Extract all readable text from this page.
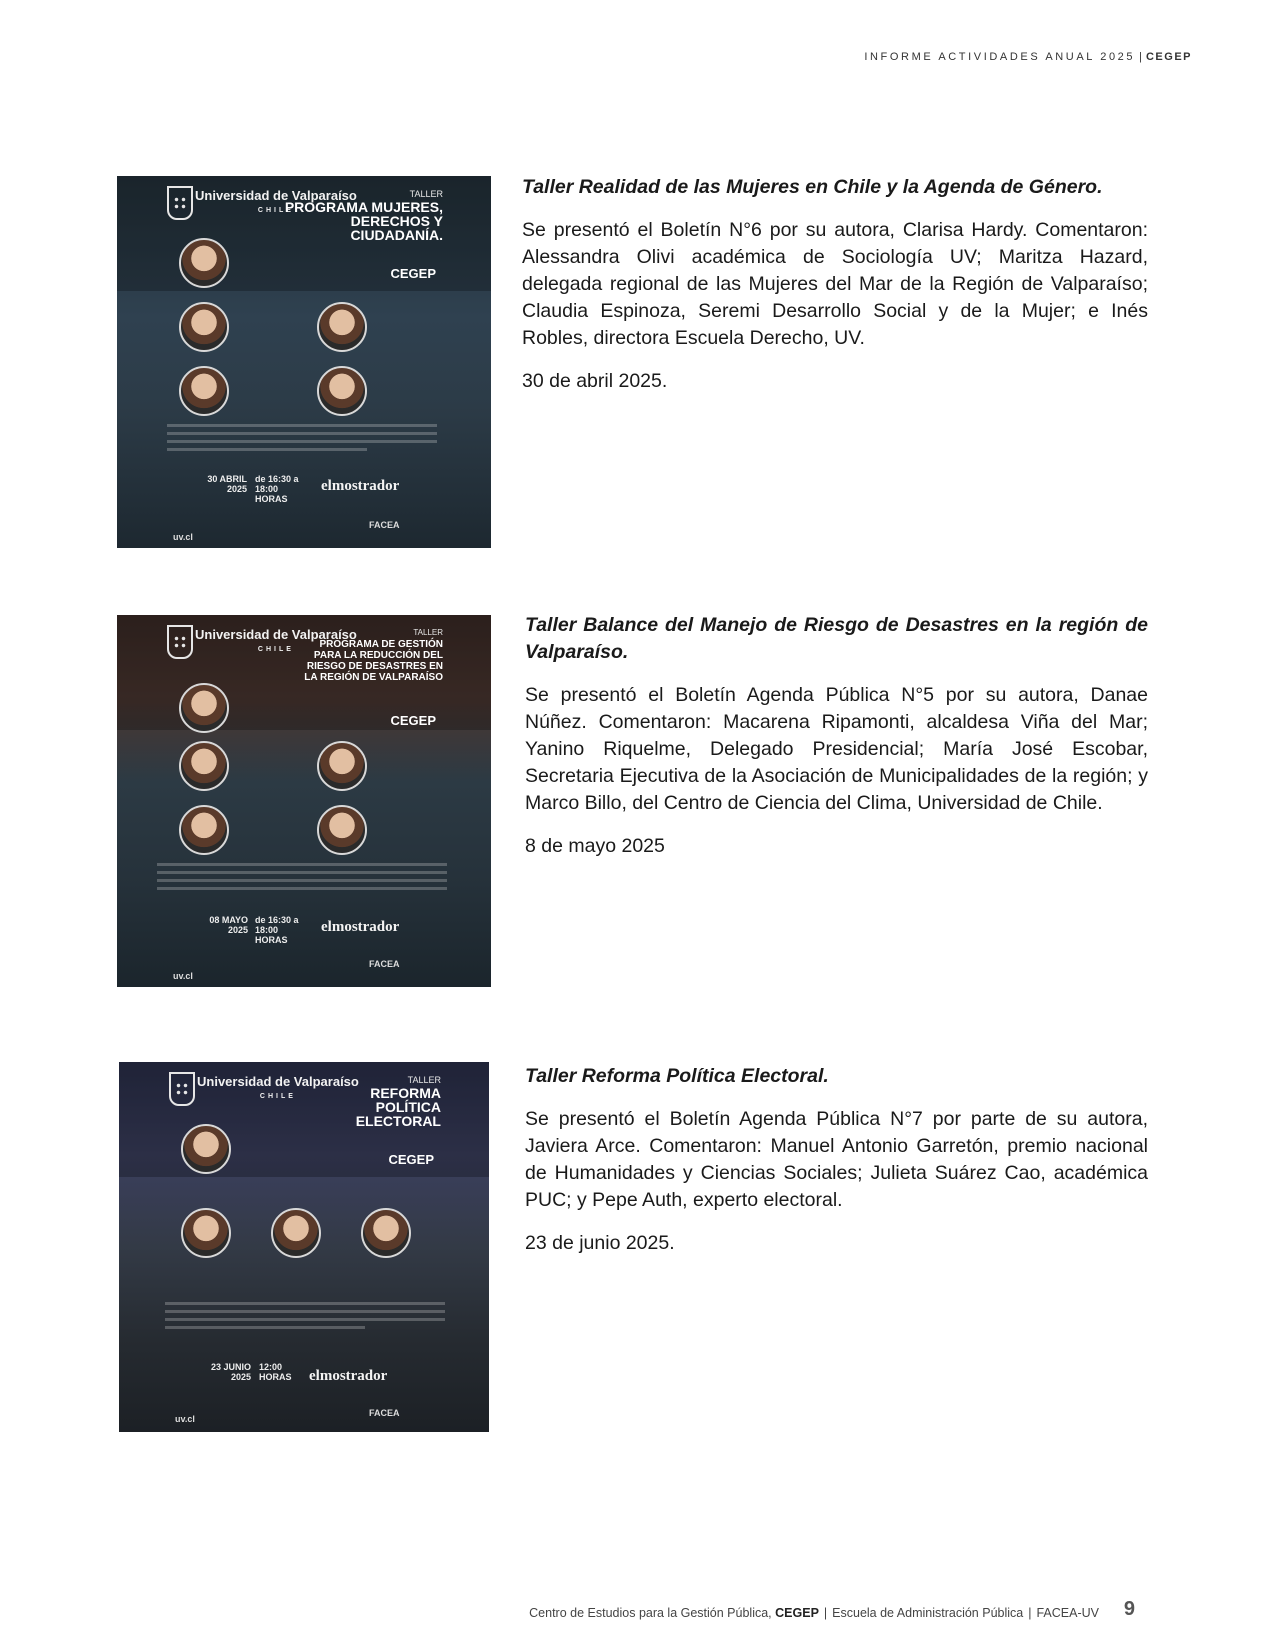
INFORME ACTIVIDADES ANUAL 2025 | CEGEP
Universidad de Valparaíso
CHILE
TALLER
PROGRAMA MUJERES, DERECHOS Y CIUDADANÍA.
CEGEP
30 ABRIL 2025
de 16:30 a 18:00 HORAS
elmostrador
FACEA
uv.cl
Taller Realidad de las Mujeres en Chile y la Agenda de Género.

Se presentó el Boletín N°6 por su autora, Clarisa Hardy. Comentaron: Alessandra Olivi académica de Sociología UV; Maritza Hazard, delegada regional de las Mujeres del Mar de la Región de Valparaíso; Claudia Espinoza, Seremi Desarrollo Social y de la Mujer; e Inés Robles, directora Escuela Derecho, UV.

30 de abril 2025.

Universidad de Valparaíso
CHILE
TALLER
PROGRAMA DE GESTIÓN PARA LA REDUCCIÓN DEL RIESGO DE DESASTRES EN LA REGIÓN DE VALPARAÍSO
CEGEP
08 MAYO 2025
de 16:30 a 18:00 HORAS
elmostrador
FACEA
uv.cl
Taller Balance del Manejo de Riesgo de Desastres en la región de Valparaíso.

Se presentó el Boletín Agenda Pública N°5 por su autora, Danae Núñez. Comentaron: Macarena Ripamonti, alcaldesa Viña del Mar; Yanino Riquelme, Delegado Presidencial; María José Escobar, Secretaria Ejecutiva de la Asociación de Municipalidades de la región; y Marco Billo, del Centro de Ciencia del Clima, Universidad de Chile.

8 de mayo 2025

Universidad de Valparaíso
CHILE
TALLER
REFORMA POLÍTICA ELECTORAL
CEGEP
23 JUNIO 2025
12:00 HORAS elmostrador
FACEA
uv.cl
Taller Reforma Política Electoral.

Se presentó el Boletín Agenda Pública N°7 por parte de su autora, Javiera Arce. Comentaron: Manuel Antonio Garretón, premio nacional de Humanidades y Ciencias Sociales; Julieta Suárez Cao, académica PUC; y Pepe Auth, experto electoral.

23 de junio 2025.

Centro de Estudios para la Gestión Pública, CEGEP | Escuela de Administración Pública | FACEA-UV 9
